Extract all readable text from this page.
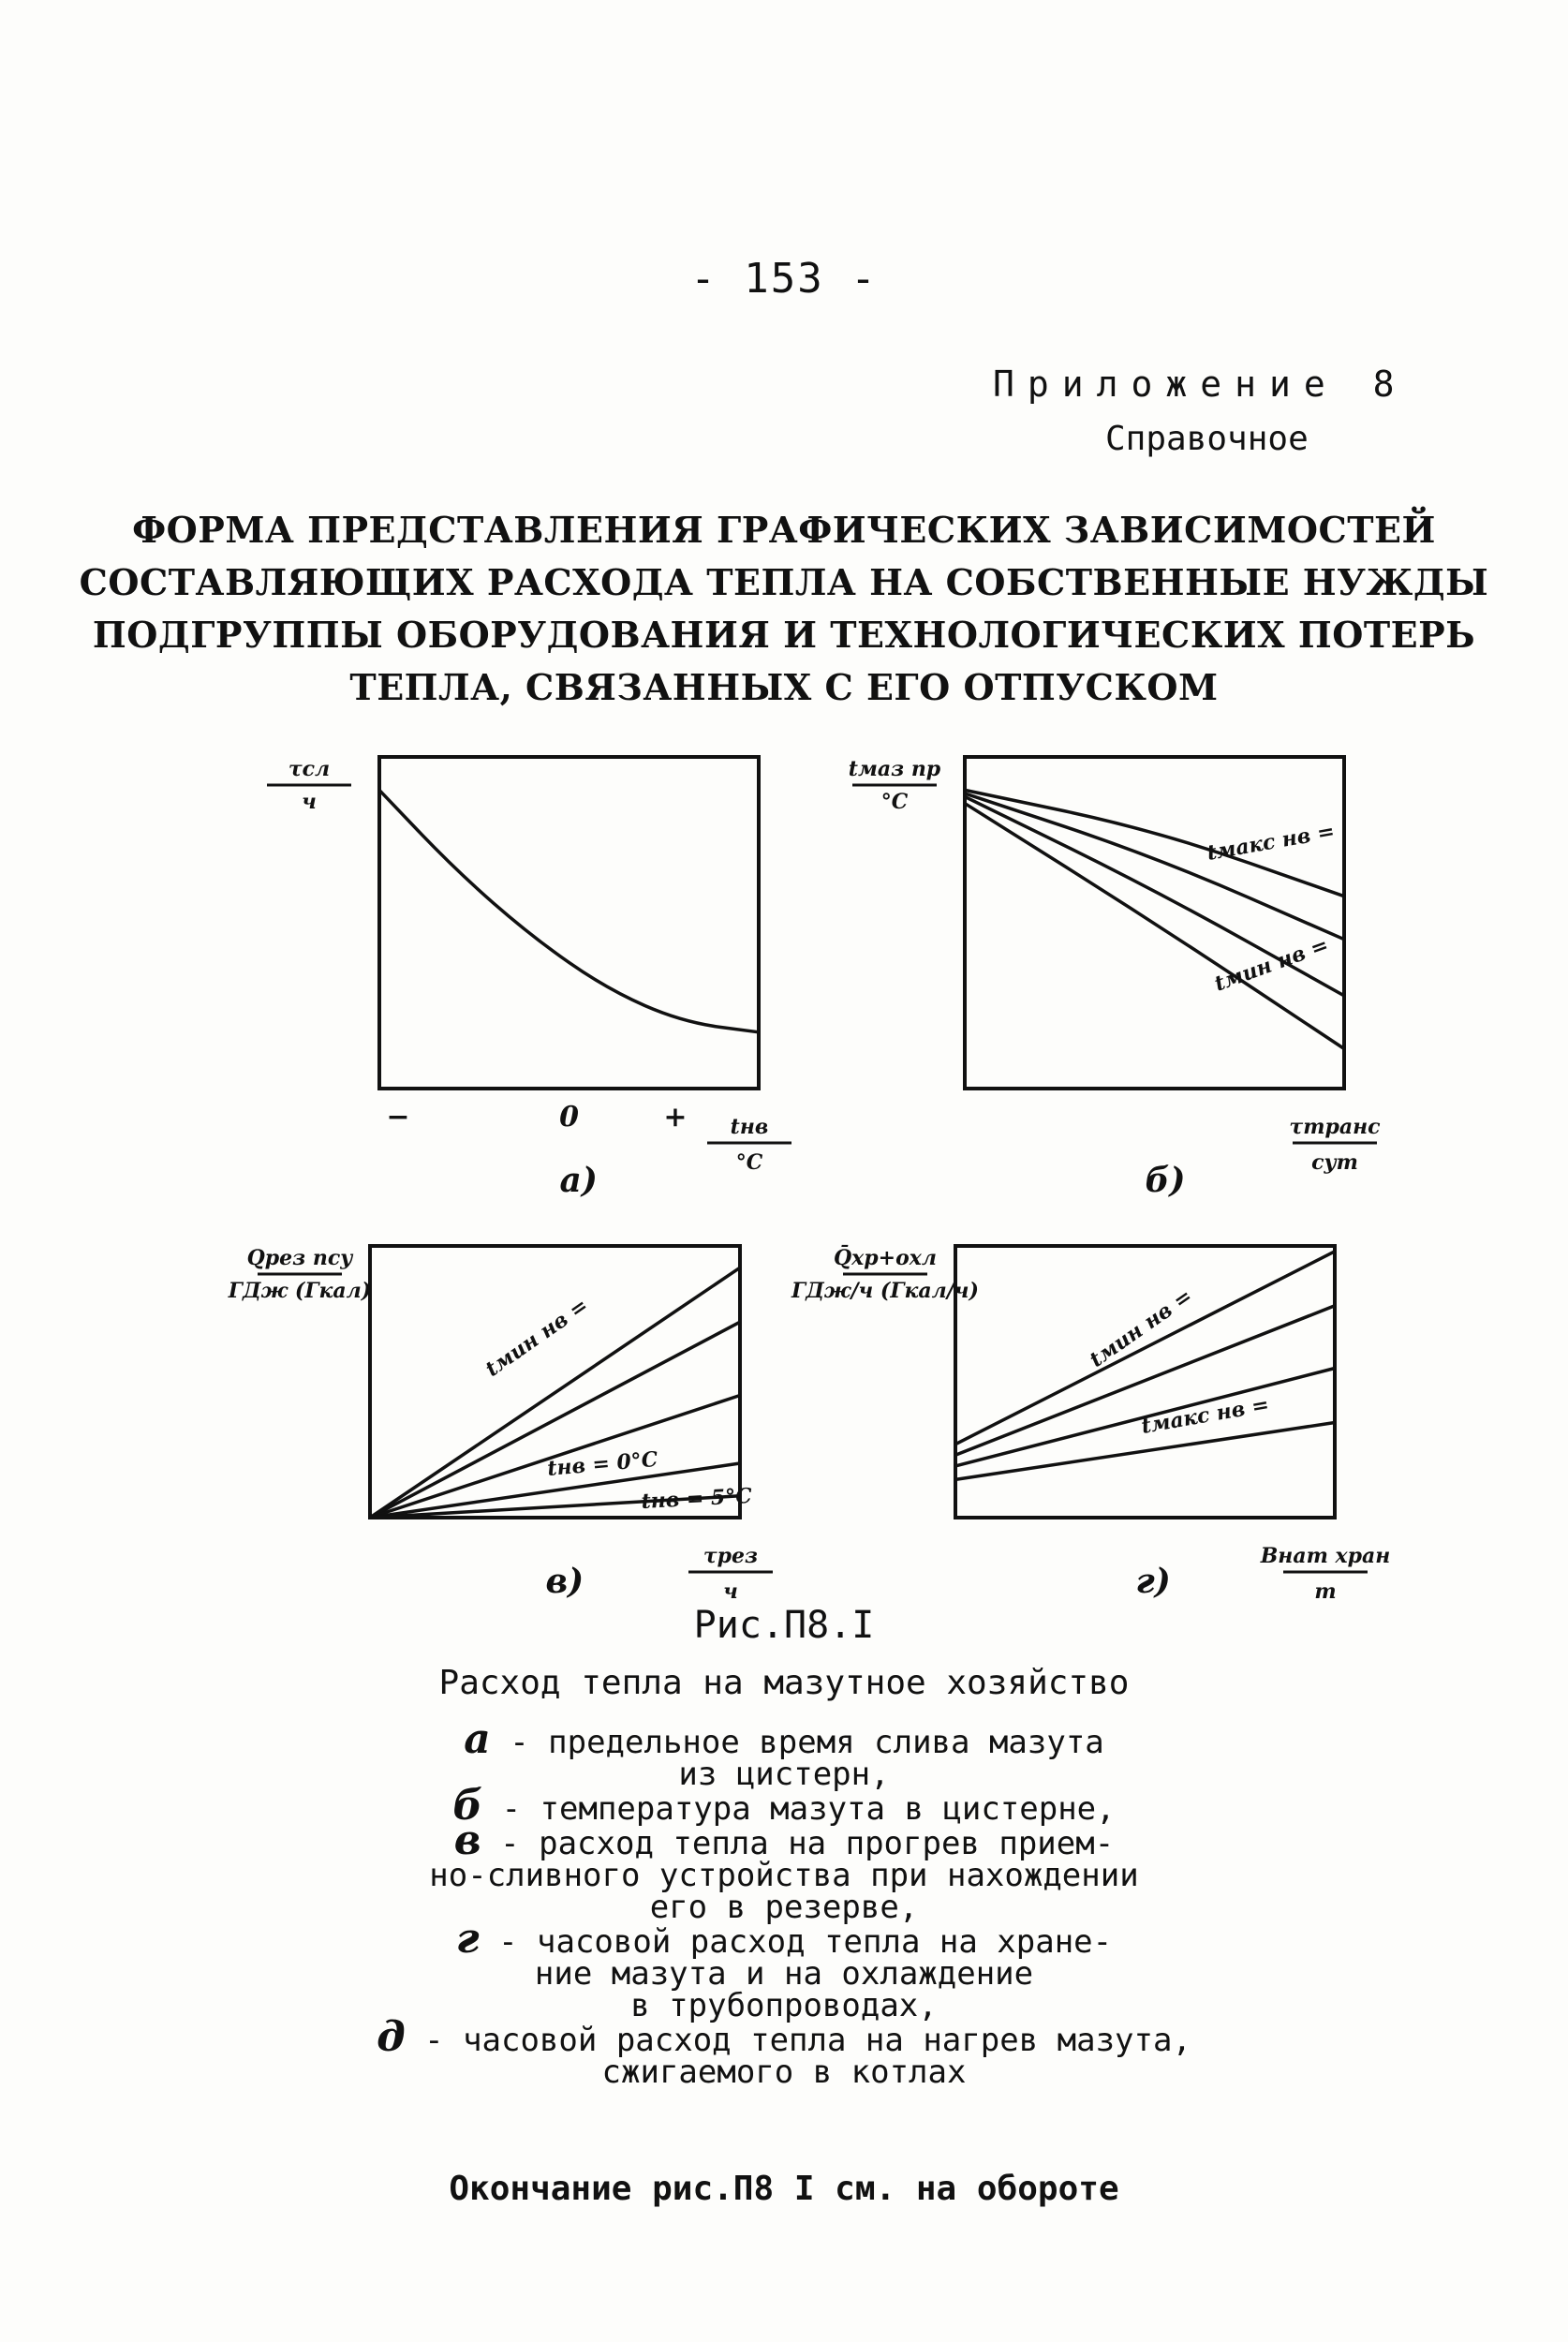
- 153 -
Приложение 8
Справочное
ФОРМА ПРЕДСТАВЛЕНИЯ ГРАФИЧЕСКИХ ЗАВИСИМОСТЕЙ
СОСТАВЛЯЮЩИХ РАСХОДА ТЕПЛА НА СОБСТВЕННЫЕ НУЖДЫ
ПОДГРУППЫ ОБОРУДОВАНИЯ И ТЕХНОЛОГИЧЕСКИХ ПОТЕРЬ
ТЕПЛА, СВЯЗАННЫХ С ЕГО ОТПУСКОМ
а)
τсл
ч
tнв
°C
−	0	+
б)
tмаз пр
°C
τтранс
сут
tмакс нв =
tмин нв =
в)
Qрез пcу
ГДж (Гкал)
τрез
ч
tмин нв =
tнв = 0°C
tнв = 5°C
г)
Q̄хр+охл
ГДж/ч (Гкал/ч)
Bнат хран
т
tмин нв =
tмакс нв =
Рис.П8.I
Расход тепла на мазутное хозяйство
а - предельное время слива мазута
из цистерн,
б - температура мазута в цистерне,
в - расход тепла на прогрев прием-
но-сливного устройства при нахождении
его в резерве,
г - часовой расход тепла на хране-
ние мазута и на охлаждение
в трубопроводах,
д - часовой расход тепла на нагрев мазута,
сжигаемого в котлах
Окончание рис.П8 I см. на обороте
